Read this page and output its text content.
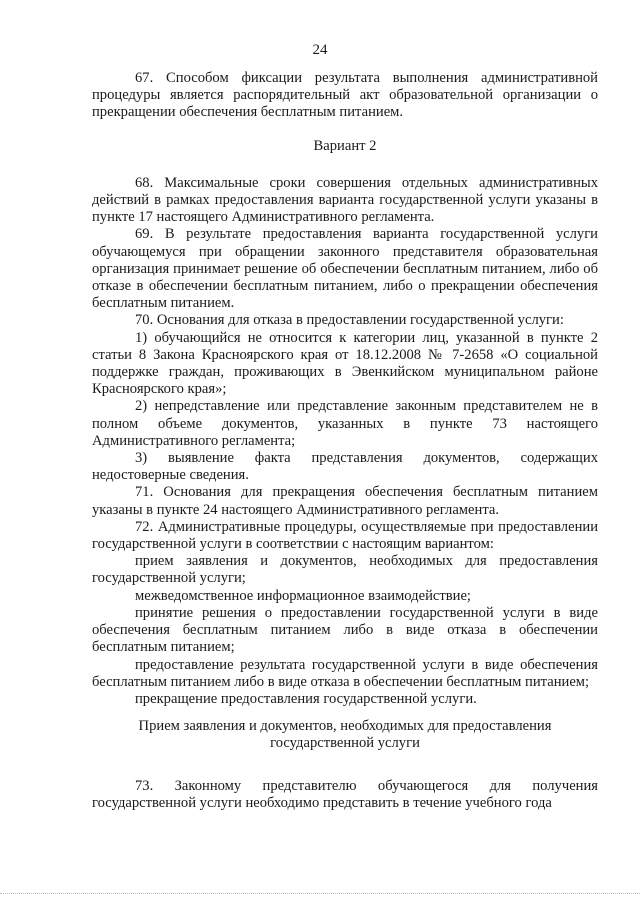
24

67. Способом фиксации результата выполнения административной процедуры является распорядительный акт образовательной организации о прекращении обеспечения бесплатным питанием.

Вариант 2

68. Максимальные сроки совершения отдельных административных действий в рамках предоставления варианта государственной услуги указаны в пункте 17 настоящего Административного регламента.

69. В результате предоставления варианта государственной услуги обучающемуся при обращении законного представителя образовательная организация принимает решение об обеспечении бесплатным питанием, либо об отказе в обеспечении бесплатным питанием, либо о прекращении обеспечения бесплатным питанием.

70. Основания для отказа в предоставлении государственной услуги:

1) обучающийся не относится к категории лиц, указанной в пункте 2 статьи 8 Закона Красноярского края от 18.12.2008 № 7-2658 «О социальной поддержке граждан, проживающих в Эвенкийском муниципальном районе Красноярского края»;

2) непредставление или представление законным представителем не в полном объеме документов, указанных в пункте 73 настоящего Административного регламента;

3) выявление факта представления документов, содержащих недостоверные сведения.

71. Основания для прекращения обеспечения бесплатным питанием указаны в пункте 24 настоящего Административного регламента.

72. Административные процедуры, осуществляемые при предоставлении государственной услуги в соответствии с настоящим вариантом:

прием заявления и документов, необходимых для предоставления государственной услуги;

межведомственное информационное взаимодействие;

принятие решения о предоставлении государственной услуги в виде обеспечения бесплатным питанием либо в виде отказа в обеспечении бесплатным питанием;

предоставление результата государственной услуги в виде обеспечения бесплатным питанием либо в виде отказа в обеспечении бесплатным питанием;

прекращение предоставления государственной услуги.

Прием заявления и документов, необходимых для предоставления

государственной услуги

73. Законному представителю обучающегося для получения государственной услуги необходимо представить в течение учебного года
